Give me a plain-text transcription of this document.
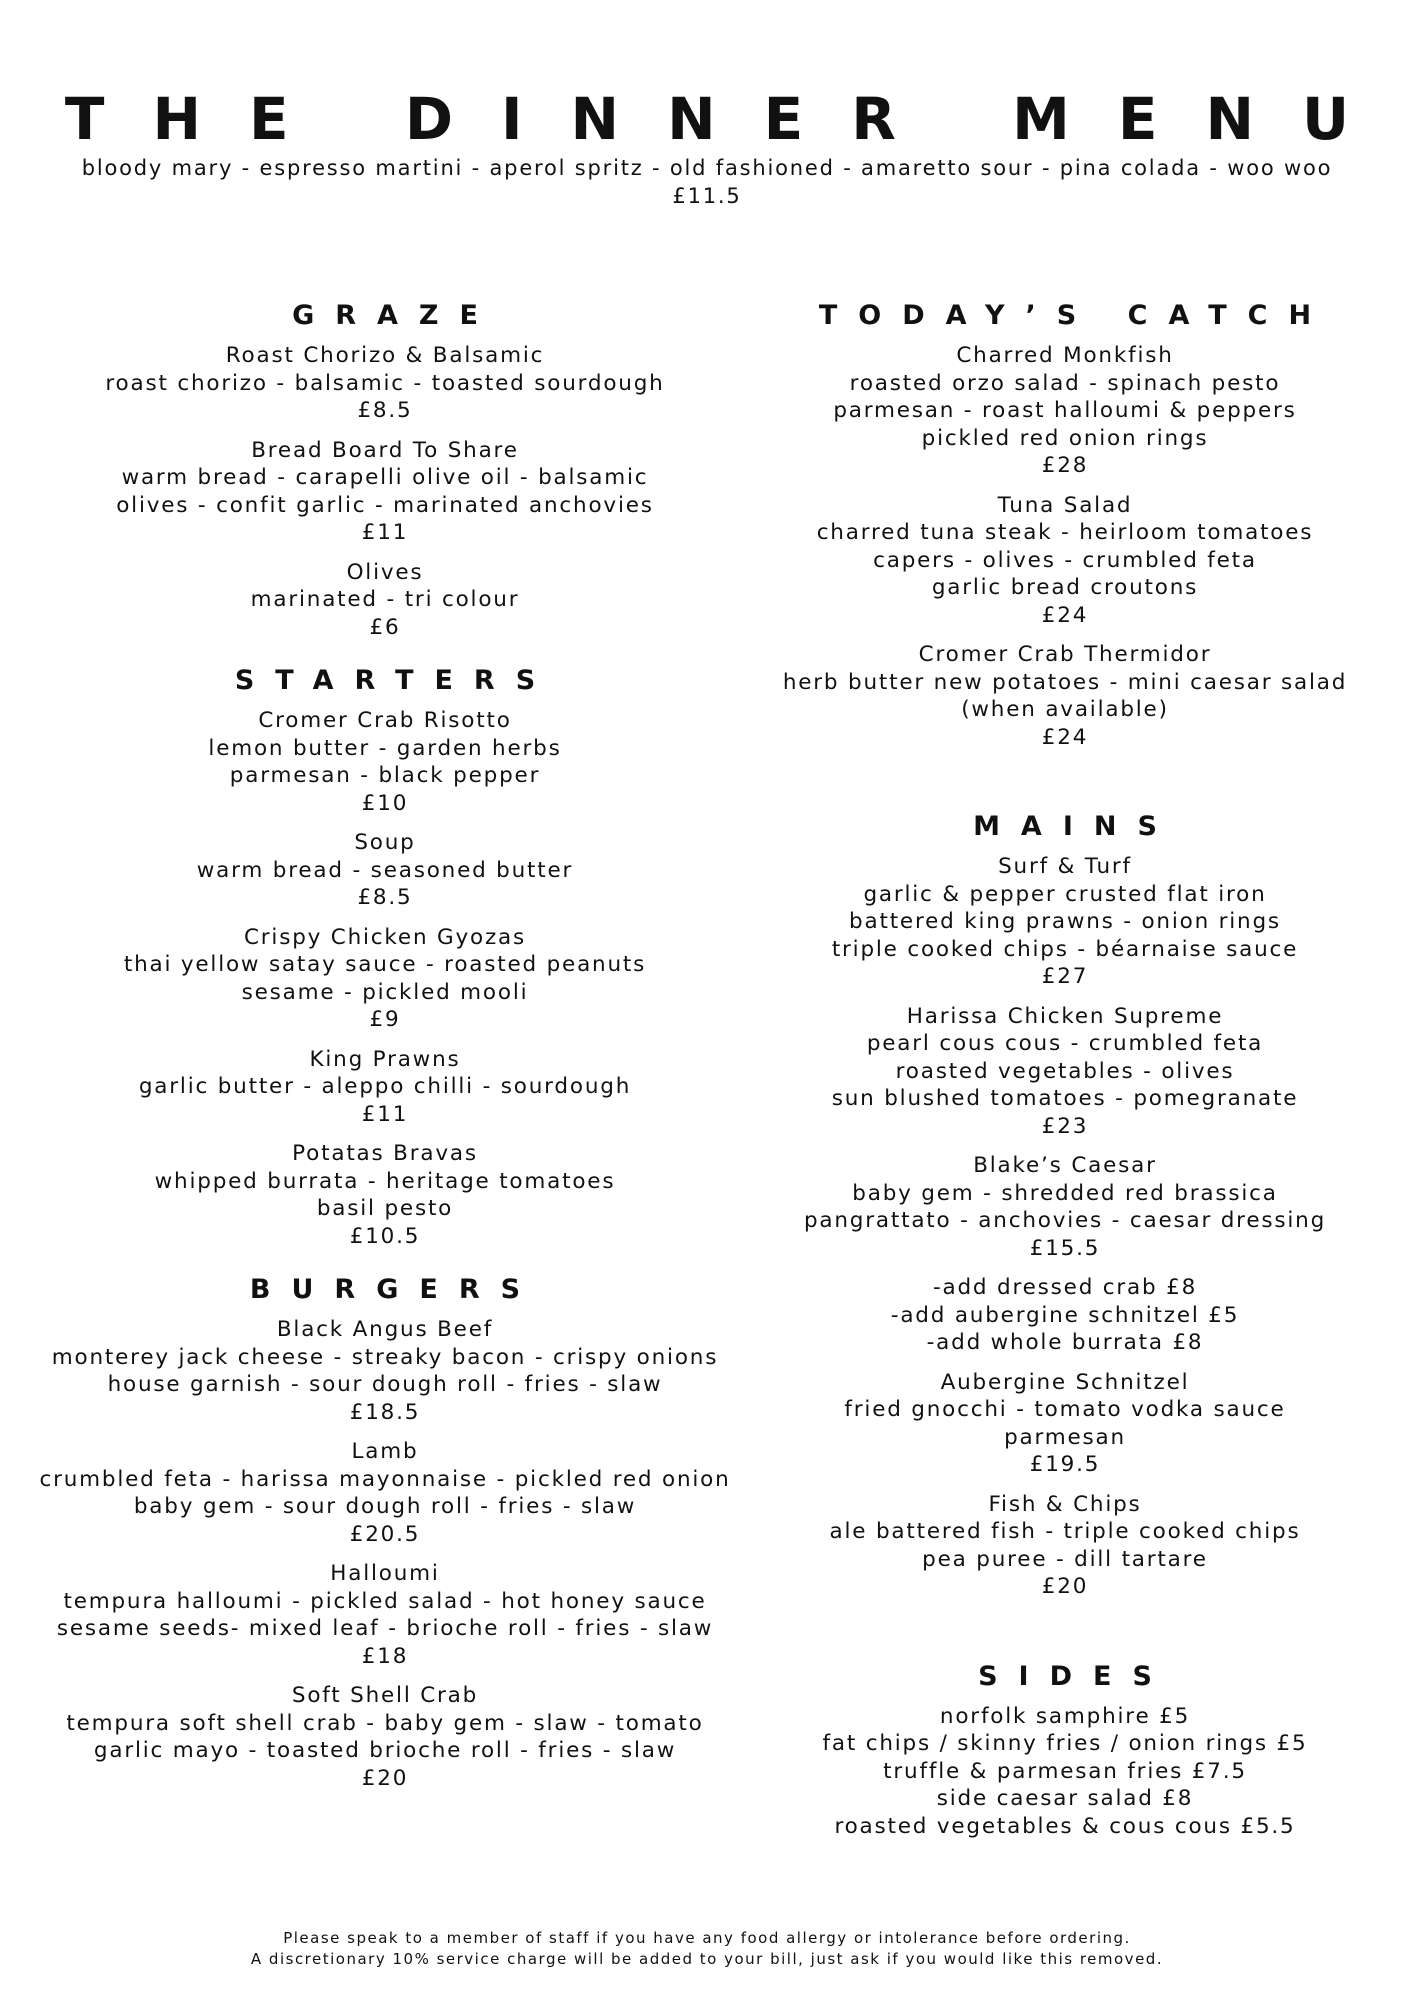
THE DINNER MENU
bloody mary - espresso martini - aperol spritz - old fashioned - amaretto sour - pina colada - woo woo
£11.5
GRAZE
Roast Chorizo & Balsamic
roast chorizo - balsamic - toasted sourdough
£8.5
Bread Board To Share
warm bread - carapelli olive oil - balsamic
olives - confit garlic - marinated anchovies
£11
Olives
marinated - tri colour
£6
STARTERS
Cromer Crab Risotto
lemon butter - garden herbs
parmesan - black pepper
£10
Soup
warm bread - seasoned butter
£8.5
Crispy Chicken Gyozas
thai yellow satay sauce - roasted peanuts
sesame - pickled mooli
£9
King Prawns
garlic butter - aleppo chilli - sourdough
£11
Potatas Bravas
whipped burrata - heritage tomatoes
basil pesto
£10.5
BURGERS
Black Angus Beef
monterey jack cheese - streaky bacon - crispy onions
house garnish - sour dough roll - fries - slaw
£18.5
Lamb
crumbled feta - harissa mayonnaise - pickled red onion
baby gem - sour dough roll - fries - slaw
£20.5
Halloumi
tempura halloumi - pickled salad - hot honey sauce
sesame seeds- mixed leaf - brioche roll - fries - slaw
£18
Soft Shell Crab
tempura soft shell crab - baby gem - slaw - tomato
garlic mayo - toasted brioche roll - fries - slaw
£20
TODAY’S CATCH
Charred Monkfish
roasted orzo salad - spinach pesto
parmesan - roast halloumi & peppers
pickled red onion rings
£28
Tuna Salad
charred tuna steak - heirloom tomatoes
capers - olives - crumbled feta
garlic bread croutons
£24
Cromer Crab Thermidor
herb butter new potatoes - mini caesar salad
(when available)
£24
MAINS
Surf & Turf
garlic & pepper crusted flat iron
battered king prawns - onion rings
triple cooked chips - béarnaise sauce
£27
Harissa Chicken Supreme
pearl cous cous - crumbled feta
roasted vegetables - olives
sun blushed tomatoes - pomegranate
£23
Blake’s Caesar
baby gem - shredded red brassica
pangrattato - anchovies - caesar dressing
£15.5
-add dressed crab £8
-add aubergine schnitzel £5
-add whole burrata £8
Aubergine Schnitzel
fried gnocchi - tomato vodka sauce
parmesan
£19.5
Fish & Chips
ale battered fish - triple cooked chips
pea puree - dill tartare
£20
SIDES
norfolk samphire £5
fat chips / skinny fries / onion rings £5
truffle & parmesan fries £7.5
side caesar salad £8
roasted vegetables & cous cous £5.5
Please speak to a member of staff if you have any food allergy or intolerance before ordering.
A discretionary 10% service charge will be added to your bill, just ask if you would like this removed.
